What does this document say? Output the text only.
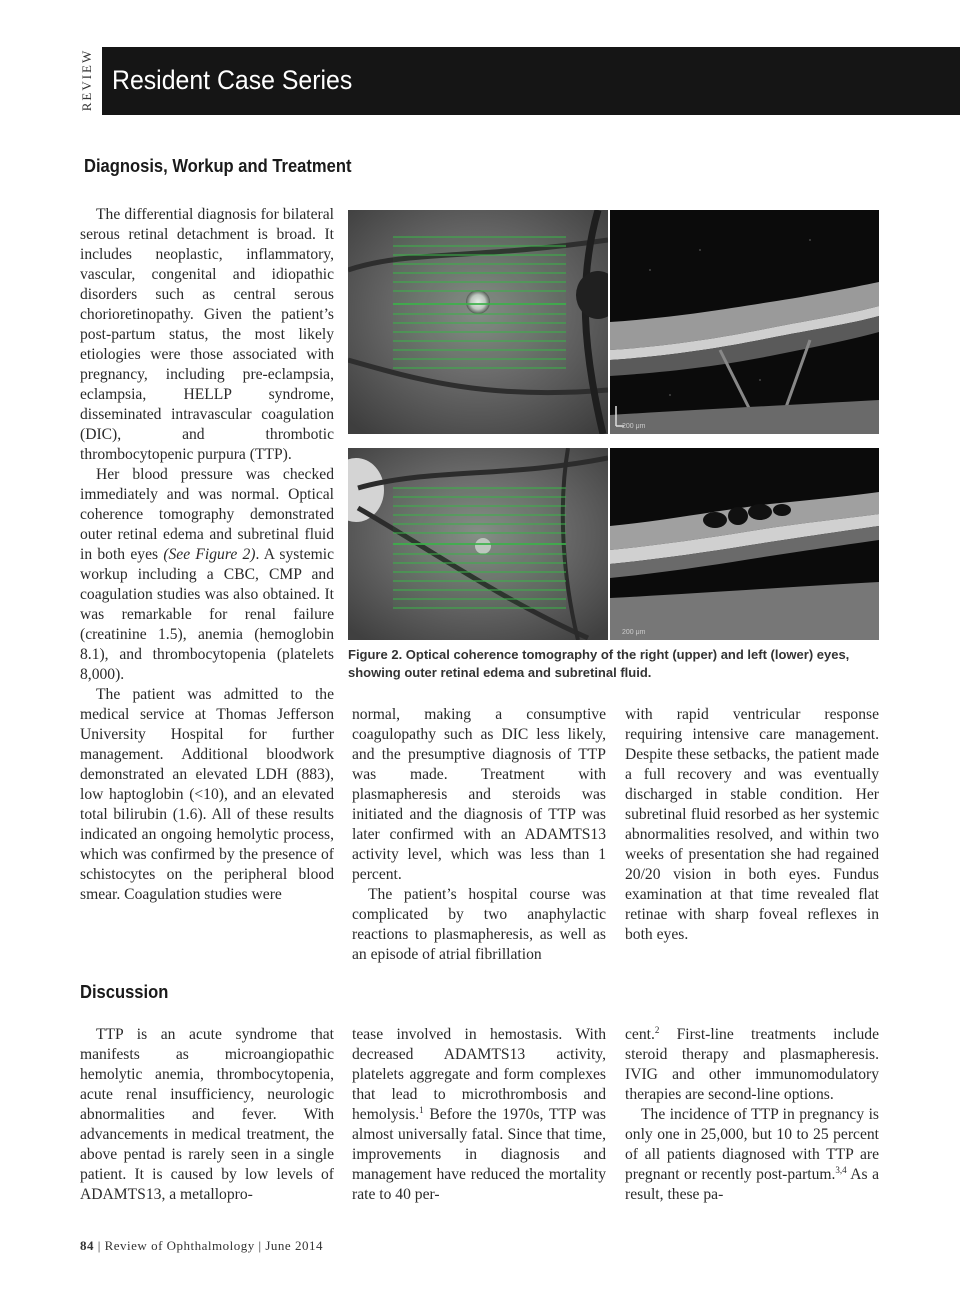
REVIEW Resident Case Series
Diagnosis, Workup and Treatment

The differential diagnosis for bilateral serous retinal detachment is broad. It includes neoplastic, inflammatory, vascular, congenital and idiopathic disorders such as central serous chorioretinopathy. Given the patient’s post-partum status, the most likely etiologies were those associated with pregnancy, including pre-eclampsia, eclampsia, HELLP syndrome, disseminated intravascular coagulation (DIC), and thrombotic thrombocytopenic purpura (TTP).

Her blood pressure was checked immediately and was normal. Optical coherence tomography demonstrated outer retinal edema and subretinal fluid in both eyes (See Figure 2). A systemic workup including a CBC, CMP and coagulation studies was also obtained. It was remarkable for renal failure (creatinine 1.5), anemia (hemoglobin 8.1), and thrombocytopenia (platelets 8,000).

The patient was admitted to the medical service at Thomas Jefferson University Hospital for further management. Additional bloodwork demonstrated an elevated LDH (883), low haptoglobin (<10), and an elevated total bilirubin (1.6). All of these results indicated an ongoing hemolytic process, which was confirmed by the presence of schistocytes on the peripheral blood smear. Coagulation studies were

200 μm
200 μm
Figure 2. Optical coherence tomography of the right (upper) and left (lower) eyes, showing outer retinal edema and subretinal fluid.

normal, making a consumptive coagulopathy such as DIC less likely, and the presumptive diagnosis of TTP was made. Treatment with plasmapheresis and steroids was initiated and the diagnosis of TTP was later confirmed with an ADAMTS13 activity level, which was less than 1 percent.

The patient’s hospital course was complicated by two anaphylactic reactions to plasmapheresis, as well as an episode of atrial fibrillation

with rapid ventricular response requiring intensive care management. Despite these setbacks, the patient made a full recovery and was eventually discharged in stable condition. Her subretinal fluid resorbed as her systemic abnormalities resolved, and within two weeks of presentation she had regained 20/20 vision in both eyes. Fundus examination at that time revealed flat retinae with sharp foveal reflexes in both eyes.

Discussion

TTP is an acute syndrome that manifests as microangiopathic hemolytic anemia, thrombocytopenia, acute renal insufficiency, neurologic abnormalities and fever. With advancements in medical treatment, the above pentad is rarely seen in a single patient. It is caused by low levels of ADAMTS13, a metallopro-

tease involved in hemostasis. With decreased ADAMTS13 activity, platelets aggregate and form complexes that lead to microthrombosis and hemolysis.$^1$ Before the 1970s, TTP was almost universally fatal. Since that time, improvements in diagnosis and management have reduced the mortality rate to 40 per-

cent.$^2$ First-line treatments include steroid therapy and plasmapheresis. IVIG and other immunomodulatory therapies are second-line options.

The incidence of TTP in pregnancy is only one in 25,000, but 10 to 25 percent of all patients diagnosed with TTP are pregnant or recently post-partum.$^{3,4}$ As a result, these pa-

84 | Review of Ophthalmology | June 2014
